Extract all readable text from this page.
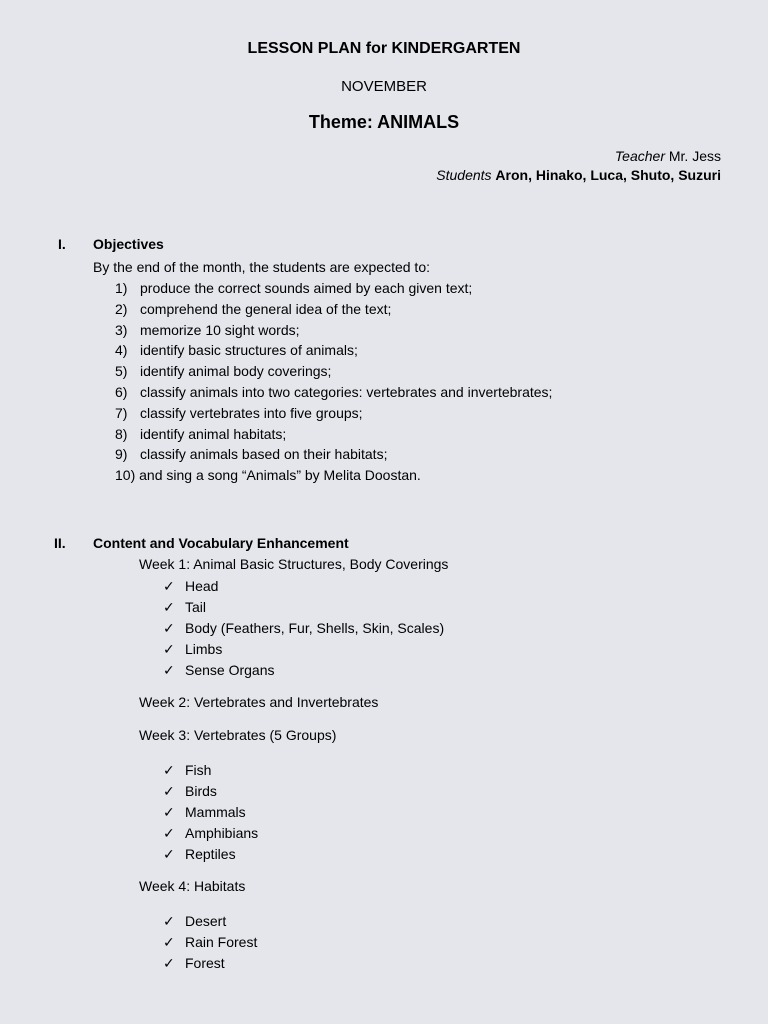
LESSON PLAN for KINDERGARTEN
NOVEMBER
Theme: ANIMALS
Teacher Mr. Jess
Students Aron, Hinako, Luca, Shuto, Suzuri
I. Objectives
By the end of the month, the students are expected to:
1) produce the correct sounds aimed by each given text;
2) comprehend the general idea of the text;
3) memorize 10 sight words;
4) identify basic structures of animals;
5) identify animal body coverings;
6) classify animals into two categories: vertebrates and invertebrates;
7) classify vertebrates into five groups;
8) identify animal habitats;
9) classify animals based on their habitats;
10) and sing a song “Animals” by Melita Doostan.
II. Content and Vocabulary Enhancement
Week 1: Animal Basic Structures, Body Coverings
✓ Head
✓ Tail
✓ Body (Feathers, Fur, Shells, Skin, Scales)
✓ Limbs
✓ Sense Organs
Week 2: Vertebrates and Invertebrates
Week 3: Vertebrates (5 Groups)
✓ Fish
✓ Birds
✓ Mammals
✓ Amphibians
✓ Reptiles
Week 4: Habitats
✓ Desert
✓ Rain Forest
✓ Forest
